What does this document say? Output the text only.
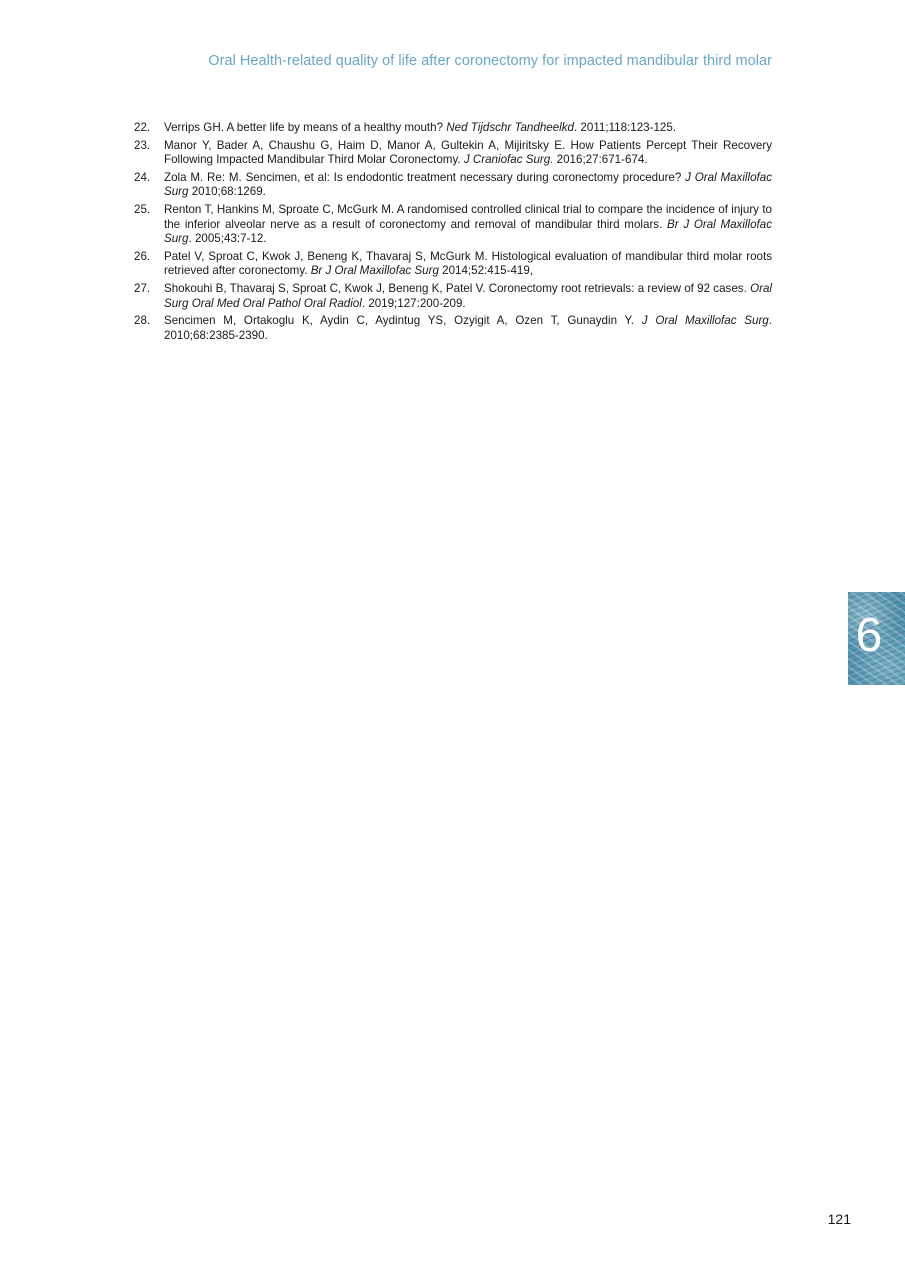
Oral Health-related quality of life after coronectomy for impacted mandibular third molar
22. Verrips GH. A better life by means of a healthy mouth? Ned Tijdschr Tandheelkd. 2011;118:123-125.
23. Manor Y, Bader A, Chaushu G, Haim D, Manor A, Gultekin A, Mijiritsky E. How Patients Percept Their Recovery Following Impacted Mandibular Third Molar Coronectomy. J Craniofac Surg. 2016;27:671-674.
24. Zola M. Re: M. Sencimen, et al: Is endodontic treatment necessary during coronectomy procedure? J Oral Maxillofac Surg 2010;68:1269.
25. Renton T, Hankins M, Sproate C, McGurk M. A randomised controlled clinical trial to compare the incidence of injury to the inferior alveolar nerve as a result of coronectomy and removal of mandibular third molars. Br J Oral Maxillofac Surg. 2005;43:7-12.
26. Patel V, Sproat C, Kwok J, Beneng K, Thavaraj S, McGurk M. Histological evaluation of mandibular third molar roots retrieved after coronectomy. Br J Oral Maxillofac Surg 2014;52:415-419,
27. Shokouhi B, Thavaraj S, Sproat C, Kwok J, Beneng K, Patel V. Coronectomy root retrievals: a review of 92 cases. Oral Surg Oral Med Oral Pathol Oral Radiol. 2019;127:200-209.
28. Sencimen M, Ortakoglu K, Aydin C, Aydintug YS, Ozyigit A, Ozen T, Gunaydin Y. J Oral Maxillofac Surg. 2010;68:2385-2390.
6
121
